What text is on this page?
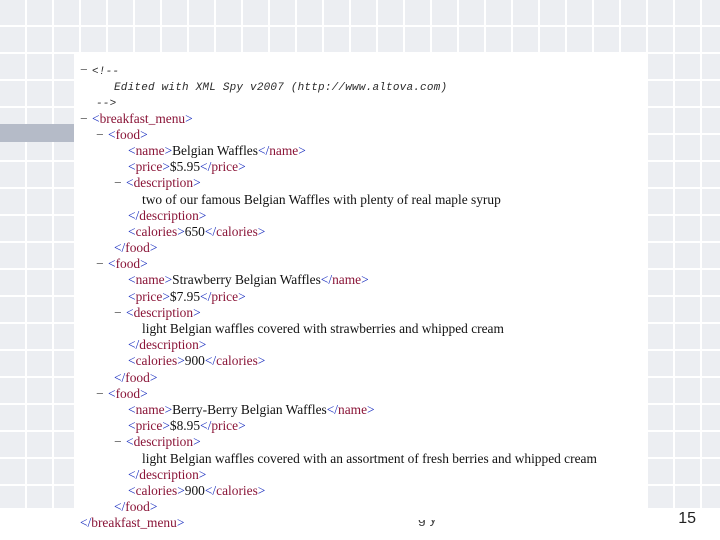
15
− <!--
Edited with XML Spy v2007 (http://www.altova.com)
-->
− <breakfast_menu>
− <food>
<name>Belgian Waffles</name>
<price>$5.95</price>
− <description>
two of our famous Belgian Waffles with plenty of real maple syrup
</description>
<calories>650</calories>
</food>
− <food>
<name>Strawberry Belgian Waffles</name>
<price>$7.95</price>
− <description>
light Belgian waffles covered with strawberries and whipped cream
</description>
<calories>900</calories>
</food>
− <food>
<name>Berry-Berry Belgian Waffles</name>
<price>$8.95</price>
− <description>
light Belgian waffles covered with an assortment of fresh berries and whipped cream
</description>
<calories>900</calories>
</food>
</breakfast_menu>
